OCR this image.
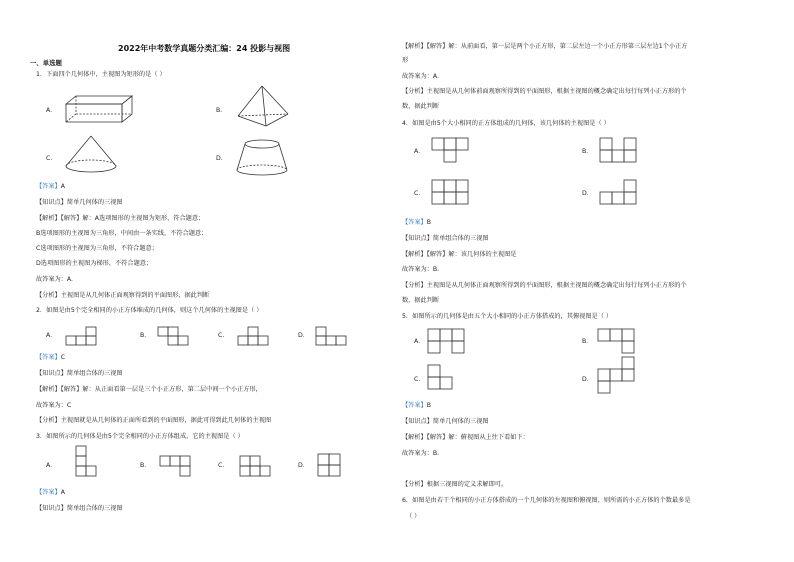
2022年中考数学真题分类汇编：24 投影与视图
一、单选题
1．下面四个几何体中，主视图为矩形的是（ ）
A．	B．
C．	D．
【答案】A
【知识点】简单几何体的三视图
【解析】【解答】解：A选项图形的主视图为矩形，符合题意；
B选项图形的主视图为三角形，中间由一条实线，不符合题意；
C选项图形的主视图为三角形，不符合题意；
D选项图形的主视图为梯形，不符合题意；
故答案为：A.
【分析】主视图是从几何体正面观察得到的平面图形，据此判断
2．如图是由5个完全相同的小正方体堆成的几何体，则这个几何体的主视图是（ ）
A．	B．	C．	D．
【答案】C
【知识点】简单组合体的三视图
【解析】【解答】解：从正面看第一层是三个小正方形，第二层中间一个小正方形，
故答案为：C
【分析】主视图就是从几何体的正面所看到的平面图形，据此可得到此几何体的主视图
3．如图所示的几何体是由5个完全相同的小正方体组成，它的主视图是（ ）
A．	B．	C．	D．
【答案】A
【知识点】简单组合体的三视图
【解析】【解答】解：从前面看，第一层是两个小正方形，第二层左边一个小正方形第三层左边1个小正方
形
故答案为：A.
【分析】主视图是从几何体前面观察所得到的平面图形，根据主视图的概念确定出每行每列小正方形的个
数，据此判断
4．如图是由5个大小相同的正方体组成的几何体，该几何体的主视图是（ ）
A．	B．
C．	D．
【答案】B
【知识点】简单组合体的三视图
【解析】【解答】解：该几何体的主视图是
故答案为：B.
【分析】主视图是从几何体正面观察所得到的平面图形，根据主视图的概念确定出每行每列小正方形的个
数，据此判断
5．如图所示的几何体是由五个大小相同的小正方体搭成的，其俯视图是（ ）
A．	B．
C．	D．
【答案】B
【知识点】简单几何体的三视图
【解析】【解答】解：俯视图从上往下看如下：
故答案为：B.
【分析】根据三视图的定义求解即可。
6．如图是由若干个相同的小正方体搭成的一个几何体的左视图和俯视图，则所需的小正方体的个数最多是
（ ）
